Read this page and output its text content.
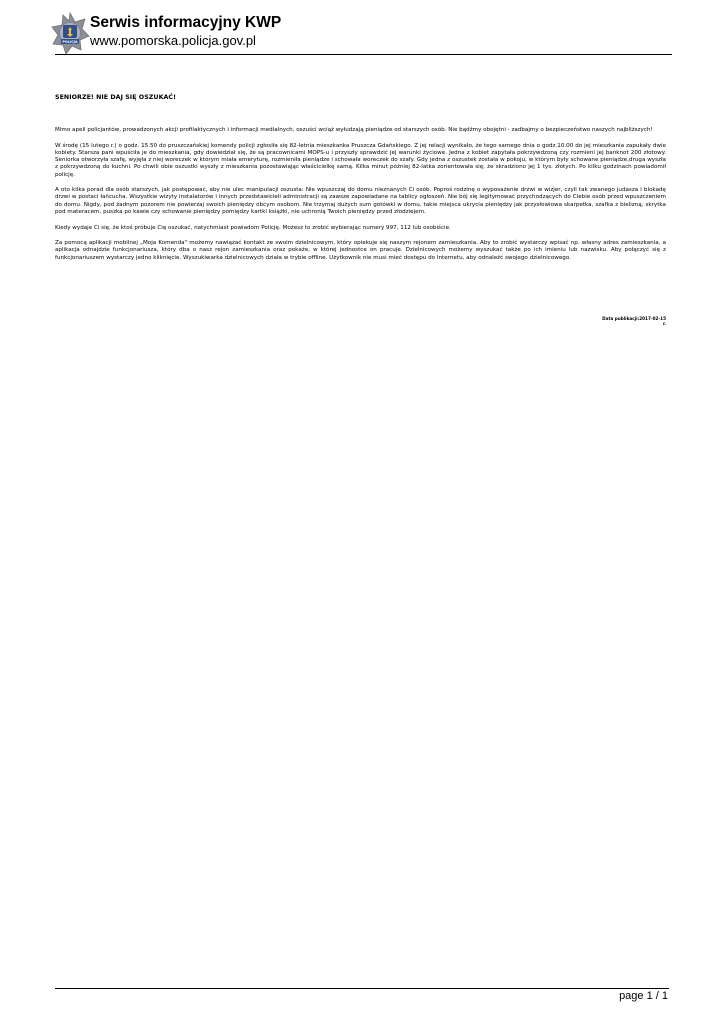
POLICJA
Serwis informacyjny KWP
www.pomorska.policja.gov.pl
SENIORZE! NIE DAJ SIĘ OSZUKAĆ!

Mimo apeli policjantów, prowadzonych akcji profilaktycznych i informacji medialnych, oszuści wciąż wyłudzają pieniądze od starszych osób. Nie bądźmy obojętni - zadbajmy o bezpieczeństwo naszych najbliższych!

W środę (15 lutego r.) o godz. 15.50 do pruszczańskiej komendy policji zgłosiła się 82-letnia mieszkanka Pruszcza Gdańskiego. Z jej relacji wynikało, że tego samego dnia o godz.10.00 do jej mieszkania zapukały dwie kobiety. Starsza pani wpuściła je do mieszkania, gdy dowiedział się, że są pracownicami MOPS-u i przyszły sprawdzić jej warunki życiowe. Jedna z kobiet zapytała pokrzywdzoną czy rozmieni jej banknot 200 złotowy. Seniorka otworzyła szafę, wyjęła z niej woreczek w którym miała emeryturę, rozmieniła pieniądze i schowała woreczek do szafy. Gdy jedna z oszustek została w pokoju, w którym były schowane pieniądze,druga wyszła z pokrzywdzoną do kuchni. Po chwili obie oszustki wyszły z mieszkania pozostawiając właścicielkę samą. Kilka minut później 82-latka zorientowała się, że skradziono jej 1 tys. złotych. Po kilku godzinach powiadomił policję.

A oto kilka porad dla osób starszych, jak postępować, aby nie ulec manipulacji oszusta: Nie wpuszczaj do domu nieznanych Ci osób. Poproś rodzinę o wyposażenie drzwi w wizjer, czyli tak zwanego judasza i blokadę drzwi w postaci łańcucha. Wszystkie wizyty instalatorów i innych przedstawicieli administracji są zawsze zapowiadane na tablicy ogłoszeń. Nie bój się legitymować przychodzących do Ciebie osób przed wpuszczeniem do domu. Nigdy, pod żadnym pozorem nie powierzaj swoich pieniędzy obcym osobom. Nie trzymaj dużych sum gotówki w domu, takie miejsca ukrycia pieniędzy jak przysłowiowa skarpetka, szafka z bielizną, skrytka pod materacem, puszka po kawie czy schowanie pieniędzy pomiędzy kartki książki, nie uchronią Twoich pieniędzy przed złodziejem.

Kiedy wydaje Ci się, że ktoś próbuje Cię oszukać, natychmiast powiadom Policję. Możesz to zrobić wybierając numery 997, 112 lub osobiście.

Za pomocą aplikacji mobilnej „Moja Komenda" możemy nawiązać kontakt ze swoim dzielnicowym, który opiekuje się naszym rejonem zamieszkania. Aby to zrobić wystarczy wpisać np. własny adres zamieszkania, a aplikacja odnajdzie funkcjonariusza, który dba o nasz rejon zamieszkania oraz pokaże, w której jednostce on pracuje. Dzielnicowych możemy wyszukać także po ich imieniu lub nazwisku. Aby połączyć się z funkcjonariuszem wystarczy jedno kliknięcie. Wyszukiwarka dzielnicowych działa w trybie offline. Użytkownik nie musi mieć dostępu do Internetu, aby odnaleźć swojego dzielnicowego.

Data publikacji:2017-02-15
r.
page 1 / 1
